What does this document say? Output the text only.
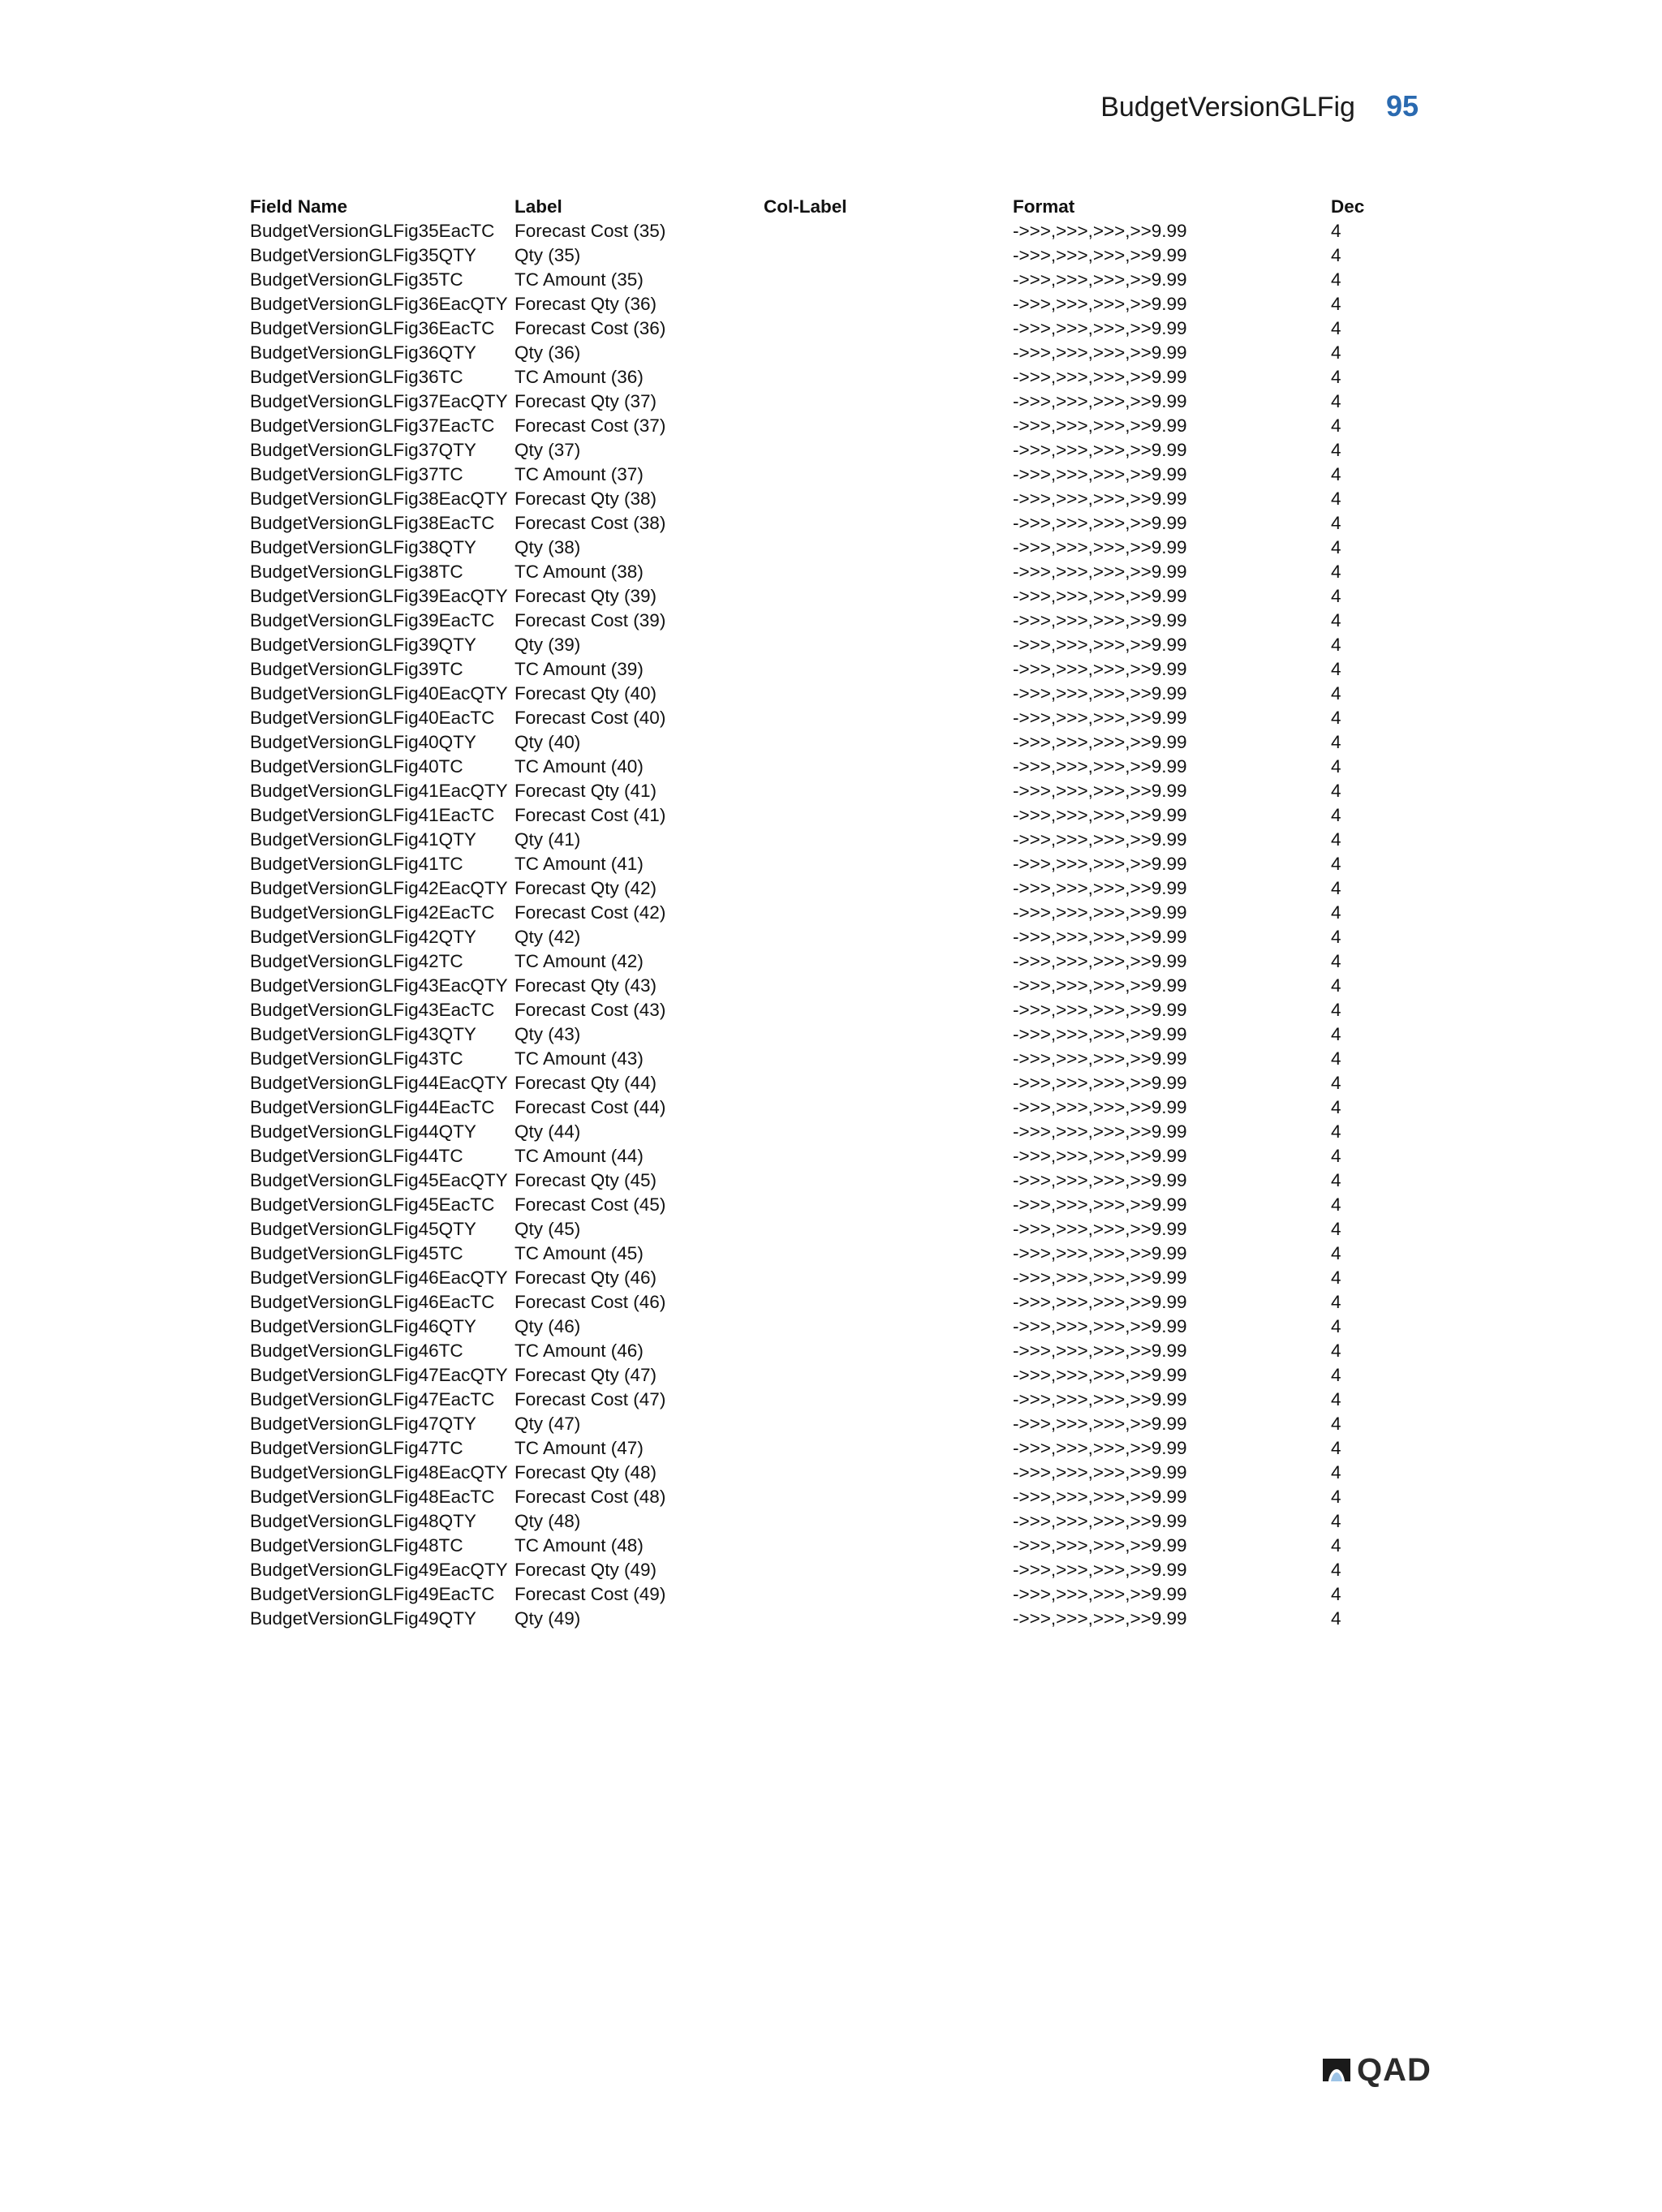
BudgetVersionGLFig 95
Field Name	Label	Col-Label	Format	Dec
BudgetVersionGLFig35EacTC	Forecast Cost (35)		->>>,>>>,>>>,>>9.99	4
BudgetVersionGLFig35QTY	Qty (35)		->>>,>>>,>>>,>>9.99	4
BudgetVersionGLFig35TC	TC Amount (35)		->>>,>>>,>>>,>>9.99	4
BudgetVersionGLFig36EacQTY	Forecast Qty (36)		->>>,>>>,>>>,>>9.99	4
BudgetVersionGLFig36EacTC	Forecast Cost (36)		->>>,>>>,>>>,>>9.99	4
BudgetVersionGLFig36QTY	Qty (36)		->>>,>>>,>>>,>>9.99	4
BudgetVersionGLFig36TC	TC Amount (36)		->>>,>>>,>>>,>>9.99	4
BudgetVersionGLFig37EacQTY	Forecast Qty (37)		->>>,>>>,>>>,>>9.99	4
BudgetVersionGLFig37EacTC	Forecast Cost (37)		->>>,>>>,>>>,>>9.99	4
BudgetVersionGLFig37QTY	Qty (37)		->>>,>>>,>>>,>>9.99	4
BudgetVersionGLFig37TC	TC Amount (37)		->>>,>>>,>>>,>>9.99	4
BudgetVersionGLFig38EacQTY	Forecast Qty (38)		->>>,>>>,>>>,>>9.99	4
BudgetVersionGLFig38EacTC	Forecast Cost (38)		->>>,>>>,>>>,>>9.99	4
BudgetVersionGLFig38QTY	Qty (38)		->>>,>>>,>>>,>>9.99	4
BudgetVersionGLFig38TC	TC Amount (38)		->>>,>>>,>>>,>>9.99	4
BudgetVersionGLFig39EacQTY	Forecast Qty (39)		->>>,>>>,>>>,>>9.99	4
BudgetVersionGLFig39EacTC	Forecast Cost (39)		->>>,>>>,>>>,>>9.99	4
BudgetVersionGLFig39QTY	Qty (39)		->>>,>>>,>>>,>>9.99	4
BudgetVersionGLFig39TC	TC Amount (39)		->>>,>>>,>>>,>>9.99	4
BudgetVersionGLFig40EacQTY	Forecast Qty (40)		->>>,>>>,>>>,>>9.99	4
BudgetVersionGLFig40EacTC	Forecast Cost (40)		->>>,>>>,>>>,>>9.99	4
BudgetVersionGLFig40QTY	Qty (40)		->>>,>>>,>>>,>>9.99	4
BudgetVersionGLFig40TC	TC Amount (40)		->>>,>>>,>>>,>>9.99	4
BudgetVersionGLFig41EacQTY	Forecast Qty (41)		->>>,>>>,>>>,>>9.99	4
BudgetVersionGLFig41EacTC	Forecast Cost (41)		->>>,>>>,>>>,>>9.99	4
BudgetVersionGLFig41QTY	Qty (41)		->>>,>>>,>>>,>>9.99	4
BudgetVersionGLFig41TC	TC Amount (41)		->>>,>>>,>>>,>>9.99	4
BudgetVersionGLFig42EacQTY	Forecast Qty (42)		->>>,>>>,>>>,>>9.99	4
BudgetVersionGLFig42EacTC	Forecast Cost (42)		->>>,>>>,>>>,>>9.99	4
BudgetVersionGLFig42QTY	Qty (42)		->>>,>>>,>>>,>>9.99	4
BudgetVersionGLFig42TC	TC Amount (42)		->>>,>>>,>>>,>>9.99	4
BudgetVersionGLFig43EacQTY	Forecast Qty (43)		->>>,>>>,>>>,>>9.99	4
BudgetVersionGLFig43EacTC	Forecast Cost (43)		->>>,>>>,>>>,>>9.99	4
BudgetVersionGLFig43QTY	Qty (43)		->>>,>>>,>>>,>>9.99	4
BudgetVersionGLFig43TC	TC Amount (43)		->>>,>>>,>>>,>>9.99	4
BudgetVersionGLFig44EacQTY	Forecast Qty (44)		->>>,>>>,>>>,>>9.99	4
BudgetVersionGLFig44EacTC	Forecast Cost (44)		->>>,>>>,>>>,>>9.99	4
BudgetVersionGLFig44QTY	Qty (44)		->>>,>>>,>>>,>>9.99	4
BudgetVersionGLFig44TC	TC Amount (44)		->>>,>>>,>>>,>>9.99	4
BudgetVersionGLFig45EacQTY	Forecast Qty (45)		->>>,>>>,>>>,>>9.99	4
BudgetVersionGLFig45EacTC	Forecast Cost (45)		->>>,>>>,>>>,>>9.99	4
BudgetVersionGLFig45QTY	Qty (45)		->>>,>>>,>>>,>>9.99	4
BudgetVersionGLFig45TC	TC Amount (45)		->>>,>>>,>>>,>>9.99	4
BudgetVersionGLFig46EacQTY	Forecast Qty (46)		->>>,>>>,>>>,>>9.99	4
BudgetVersionGLFig46EacTC	Forecast Cost (46)		->>>,>>>,>>>,>>9.99	4
BudgetVersionGLFig46QTY	Qty (46)		->>>,>>>,>>>,>>9.99	4
BudgetVersionGLFig46TC	TC Amount (46)		->>>,>>>,>>>,>>9.99	4
BudgetVersionGLFig47EacQTY	Forecast Qty (47)		->>>,>>>,>>>,>>9.99	4
BudgetVersionGLFig47EacTC	Forecast Cost (47)		->>>,>>>,>>>,>>9.99	4
BudgetVersionGLFig47QTY	Qty (47)		->>>,>>>,>>>,>>9.99	4
BudgetVersionGLFig47TC	TC Amount (47)		->>>,>>>,>>>,>>9.99	4
BudgetVersionGLFig48EacQTY	Forecast Qty (48)		->>>,>>>,>>>,>>9.99	4
BudgetVersionGLFig48EacTC	Forecast Cost (48)		->>>,>>>,>>>,>>9.99	4
BudgetVersionGLFig48QTY	Qty (48)		->>>,>>>,>>>,>>9.99	4
BudgetVersionGLFig48TC	TC Amount (48)		->>>,>>>,>>>,>>9.99	4
BudgetVersionGLFig49EacQTY	Forecast Qty (49)		->>>,>>>,>>>,>>9.99	4
BudgetVersionGLFig49EacTC	Forecast Cost (49)		->>>,>>>,>>>,>>9.99	4
BudgetVersionGLFig49QTY	Qty (49)		->>>,>>>,>>>,>>9.99	4
QAD
